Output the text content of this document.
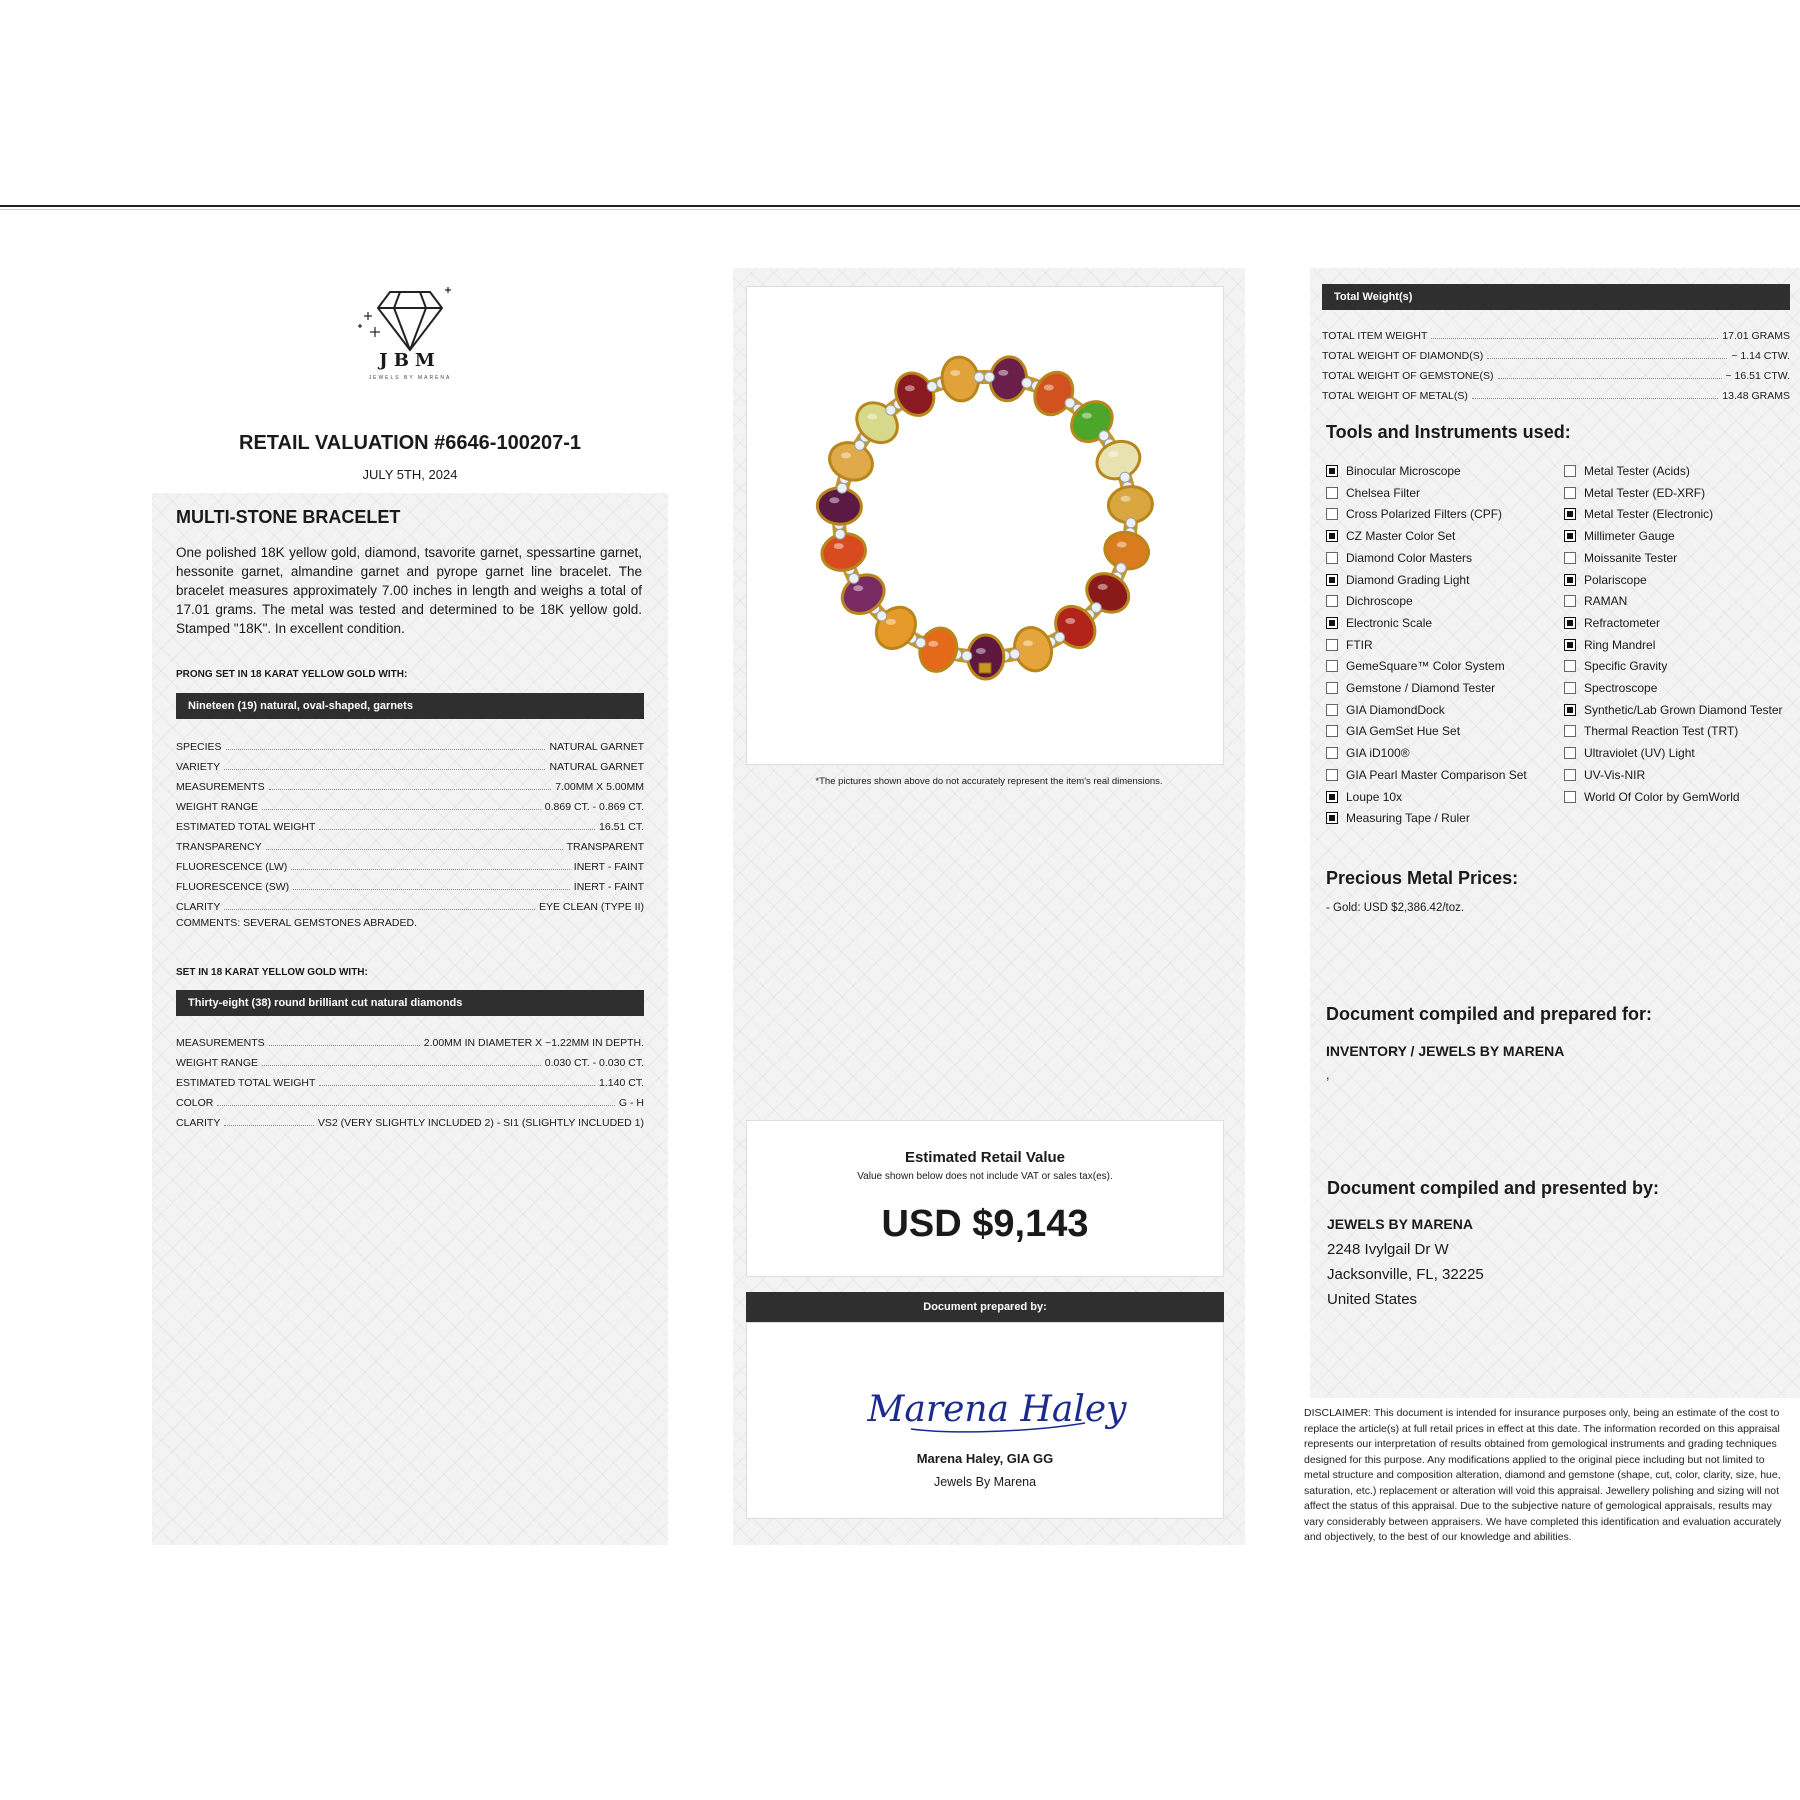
JBM
JEWELS BY MARENA
RETAIL VALUATION #6646-100207-1
JULY 5TH, 2024
MULTI-STONE BRACELET
One polished 18K yellow gold, diamond, tsavorite garnet, spessartine garnet, hessonite garnet, almandine garnet and pyrope garnet line bracelet. The bracelet measures approximately 7.00 inches in length and weighs a total of 17.01 grams. The metal was tested and determined to be 18K yellow gold. Stamped "18K". In excellent condition.
PRONG SET IN 18 KARAT YELLOW GOLD WITH:
Nineteen (19) natural, oval-shaped, garnets
SPECIES	NATURAL GARNET
VARIETY	NATURAL GARNET
MEASUREMENTS	7.00MM X 5.00MM
WEIGHT RANGE	0.869 CT. - 0.869 CT.
ESTIMATED TOTAL WEIGHT	16.51 CT.
TRANSPARENCY	TRANSPARENT
FLUORESCENCE (LW)	INERT - FAINT
FLUORESCENCE (SW)	INERT - FAINT
CLARITY	EYE CLEAN (TYPE II)
COMMENTS: SEVERAL GEMSTONES ABRADED.
SET IN 18 KARAT YELLOW GOLD WITH:
Thirty-eight (38) round brilliant cut natural diamonds
MEASUREMENTS	2.00MM IN DIAMETER X ~1.22MM IN DEPTH.
WEIGHT RANGE	0.030 CT. - 0.030 CT.
ESTIMATED TOTAL WEIGHT	1.140 CT.
COLOR	G - H
CLARITY	VS2 (VERY SLIGHTLY INCLUDED 2) - SI1 (SLIGHTLY INCLUDED 1)
*The pictures shown above do not accurately represent the item's real dimensions.
Estimated Retail Value
Value shown below does not include VAT or sales tax(es).
USD $9,143
Document prepared by:
Marena Haley
Marena Haley, GIA GG
Jewels By Marena
Total Weight(s)
TOTAL ITEM WEIGHT	17.01 GRAMS
TOTAL WEIGHT OF DIAMOND(S)	~ 1.14 CTW.
TOTAL WEIGHT OF GEMSTONE(S)	~ 16.51 CTW.
TOTAL WEIGHT OF METAL(S)	13.48 GRAMS
Tools and Instruments used:
Binocular Microscope
Chelsea Filter
Cross Polarized Filters (CPF)
CZ Master Color Set
Diamond Color Masters
Diamond Grading Light
Dichroscope
Electronic Scale
FTIR
GemeSquare™ Color System
Gemstone / Diamond Tester
GIA DiamondDock
GIA GemSet Hue Set
GIA iD100®
GIA Pearl Master Comparison Set
Loupe 10x
Measuring Tape / Ruler
Metal Tester (Acids)
Metal Tester (ED-XRF)
Metal Tester (Electronic)
Millimeter Gauge
Moissanite Tester
Polariscope
RAMAN
Refractometer
Ring Mandrel
Specific Gravity
Spectroscope
Synthetic/Lab Grown Diamond Tester
Thermal Reaction Test (TRT)
Ultraviolet (UV) Light
UV-Vis-NIR
World Of Color by GemWorld
Precious Metal Prices:
- Gold: USD $2,386.42/toz.
Document compiled and prepared for:
INVENTORY / JEWELS BY MARENA
,
Document compiled and presented by:
JEWELS BY MARENA
2248 Ivylgail Dr W
Jacksonville, FL, 32225
United States
DISCLAIMER: This document is intended for insurance purposes only, being an estimate of the cost to
replace the article(s) at full retail prices in effect at this date. The information recorded on this appraisal
represents our interpretation of results obtained from gemological instruments and grading techniques
designed for this purpose. Any modifications applied to the original piece including but not limited to
metal structure and composition alteration, diamond and gemstone (shape, cut, color, clarity, size, hue,
saturation, etc.) replacement or alteration will void this appraisal. Jewellery polishing and sizing will not
affect the status of this appraisal. Due to the subjective nature of gemological appraisals, results may
vary considerably between appraisers. We have completed this identification and evaluation accurately
and objectively, to the best of our knowledge and abilities.
